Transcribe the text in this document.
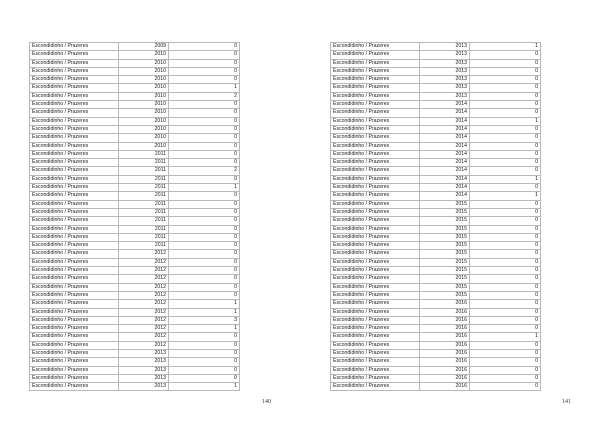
Escondidinho / Prazeres	2009	0
Escondidinho / Prazeres	2010	0
Escondidinho / Prazeres	2010	0
Escondidinho / Prazeres	2010	0
Escondidinho / Prazeres	2010	0
Escondidinho / Prazeres	2010	1
Escondidinho / Prazeres	2010	2
Escondidinho / Prazeres	2010	0
Escondidinho / Prazeres	2010	0
Escondidinho / Prazeres	2010	0
Escondidinho / Prazeres	2010	0
Escondidinho / Prazeres	2010	0
Escondidinho / Prazeres	2010	0
Escondidinho / Prazeres	2011	0
Escondidinho / Prazeres	2011	0
Escondidinho / Prazeres	2011	2
Escondidinho / Prazeres	2011	0
Escondidinho / Prazeres	2011	1
Escondidinho / Prazeres	2011	0
Escondidinho / Prazeres	2011	0
Escondidinho / Prazeres	2011	0
Escondidinho / Prazeres	2011	0
Escondidinho / Prazeres	2011	0
Escondidinho / Prazeres	2011	0
Escondidinho / Prazeres	2011	0
Escondidinho / Prazeres	2012	0
Escondidinho / Prazeres	2012	0
Escondidinho / Prazeres	2012	0
Escondidinho / Prazeres	2012	0
Escondidinho / Prazeres	2012	0
Escondidinho / Prazeres	2012	0
Escondidinho / Prazeres	2012	1
Escondidinho / Prazeres	2012	1
Escondidinho / Prazeres	2012	3
Escondidinho / Prazeres	2012	1
Escondidinho / Prazeres	2012	0
Escondidinho / Prazeres	2012	0
Escondidinho / Prazeres	2013	0
Escondidinho / Prazeres	2013	0
Escondidinho / Prazeres	2013	0
Escondidinho / Prazeres	2013	0
Escondidinho / Prazeres	2013	1
140
Escondidinho / Prazeres	2013	1
Escondidinho / Prazeres	2013	0
Escondidinho / Prazeres	2013	0
Escondidinho / Prazeres	2013	0
Escondidinho / Prazeres	2013	0
Escondidinho / Prazeres	2013	0
Escondidinho / Prazeres	2013	0
Escondidinho / Prazeres	2014	0
Escondidinho / Prazeres	2014	0
Escondidinho / Prazeres	2014	1
Escondidinho / Prazeres	2014	0
Escondidinho / Prazeres	2014	0
Escondidinho / Prazeres	2014	0
Escondidinho / Prazeres	2014	0
Escondidinho / Prazeres	2014	0
Escondidinho / Prazeres	2014	0
Escondidinho / Prazeres	2014	1
Escondidinho / Prazeres	2014	0
Escondidinho / Prazeres	2014	1
Escondidinho / Prazeres	2015	0
Escondidinho / Prazeres	2015	0
Escondidinho / Prazeres	2015	0
Escondidinho / Prazeres	2015	0
Escondidinho / Prazeres	2015	0
Escondidinho / Prazeres	2015	0
Escondidinho / Prazeres	2015	0
Escondidinho / Prazeres	2015	0
Escondidinho / Prazeres	2015	0
Escondidinho / Prazeres	2015	0
Escondidinho / Prazeres	2015	0
Escondidinho / Prazeres	2015	0
Escondidinho / Prazeres	2016	0
Escondidinho / Prazeres	2016	0
Escondidinho / Prazeres	2016	0
Escondidinho / Prazeres	2016	0
Escondidinho / Prazeres	2016	1
Escondidinho / Prazeres	2016	0
Escondidinho / Prazeres	2016	0
Escondidinho / Prazeres	2016	0
Escondidinho / Prazeres	2016	0
Escondidinho / Prazeres	2016	0
Escondidinho / Prazeres	2016	0
141
